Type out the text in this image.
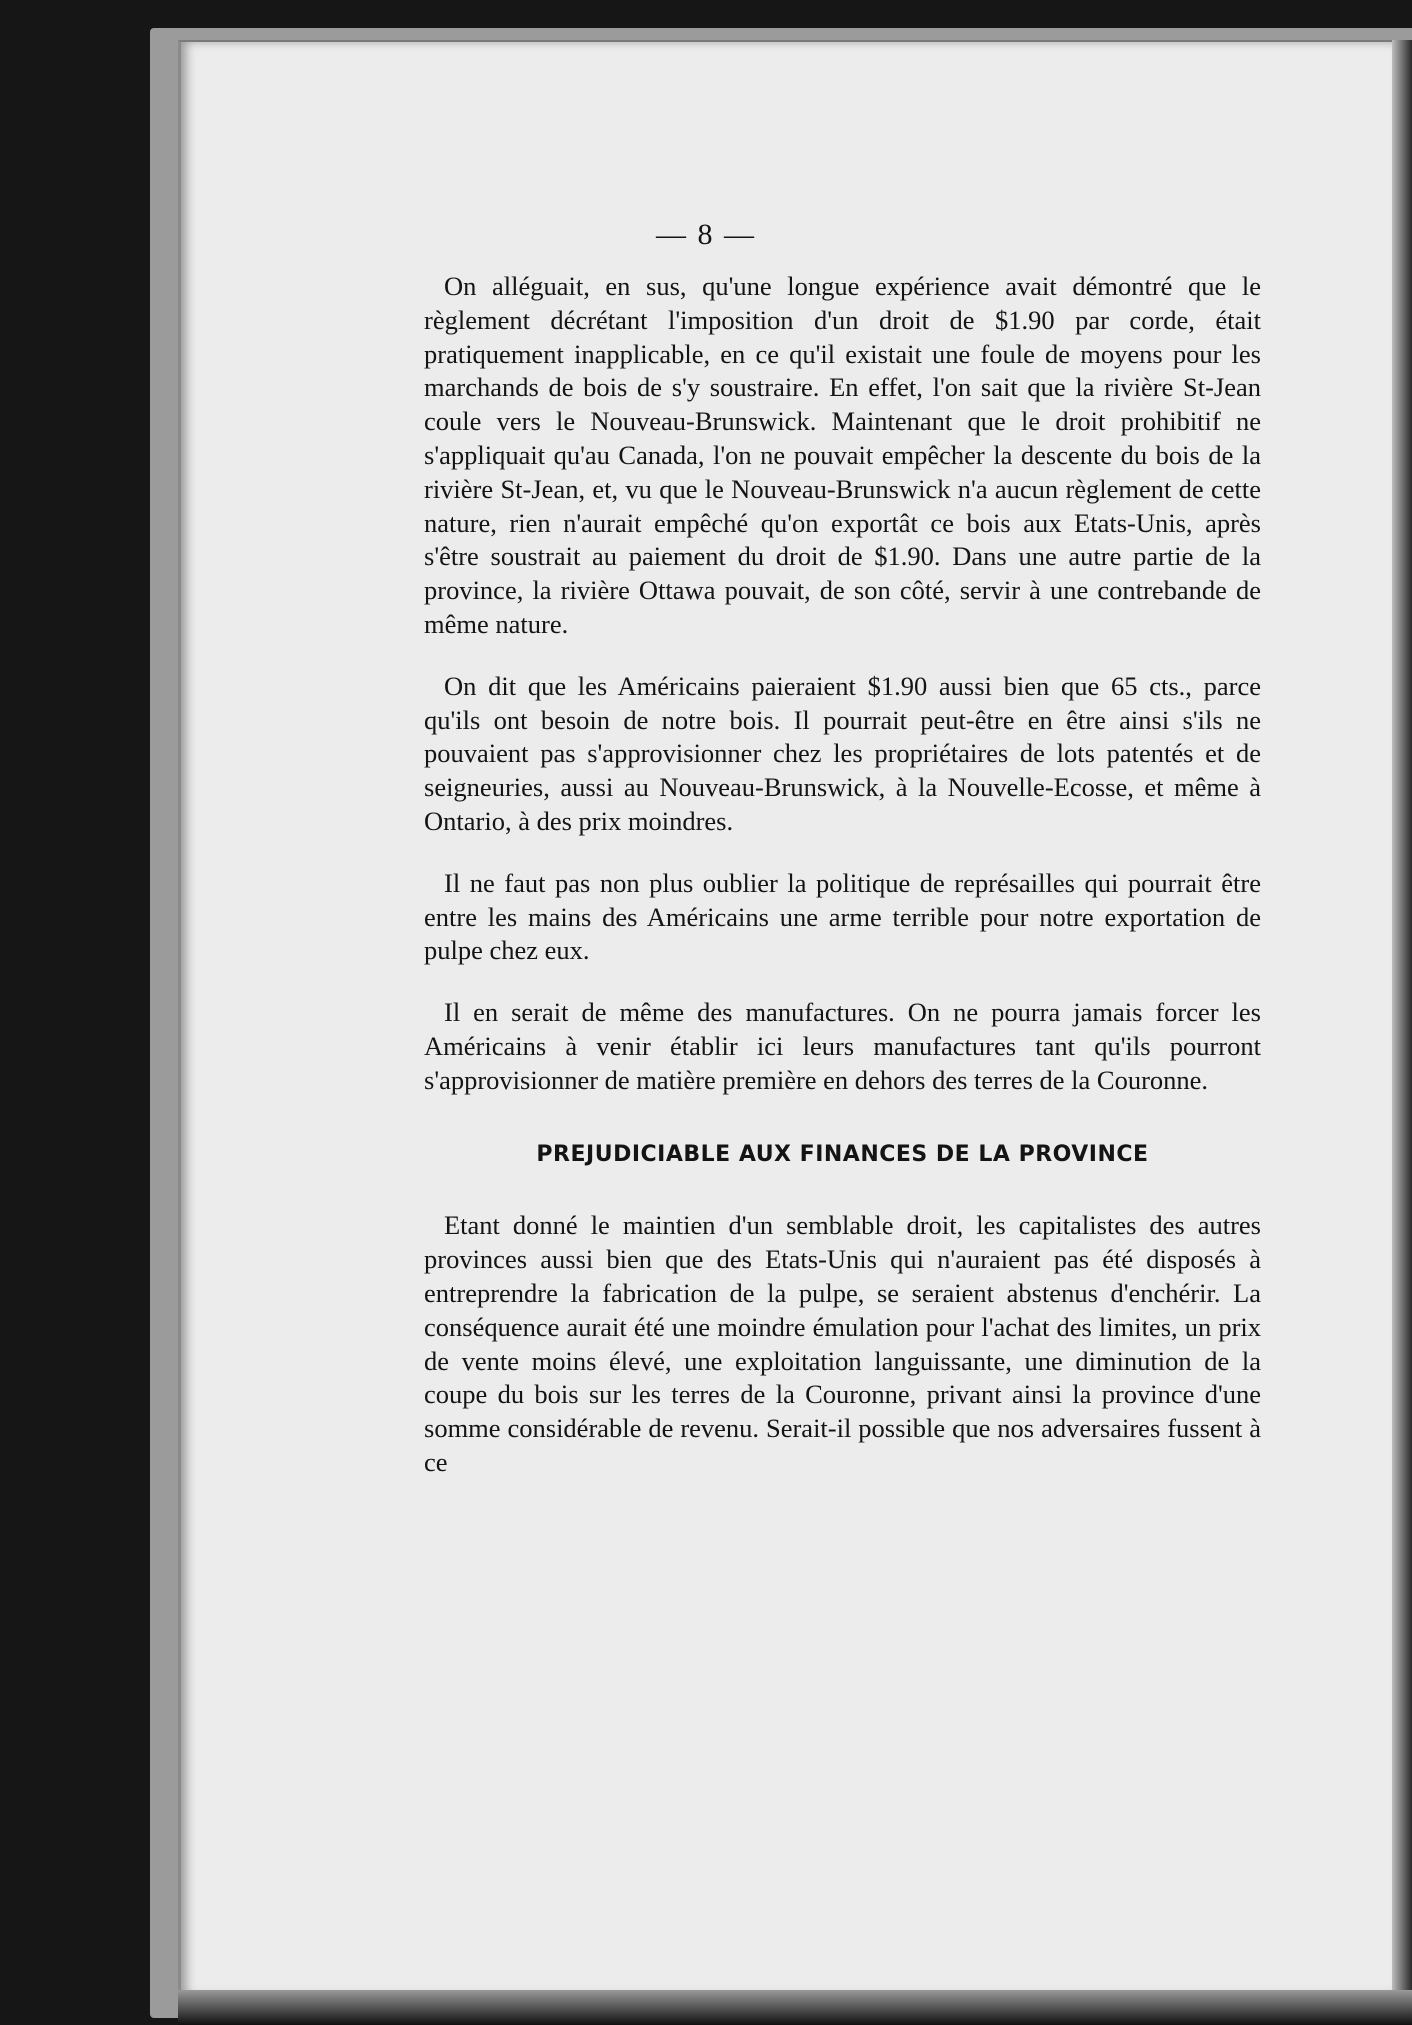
— 8 —

On alléguait, en sus, qu'une longue expérience avait démontré que le règlement décrétant l'imposition d'un droit de $1.90 par corde, était pratiquement inapplicable, en ce qu'il existait une foule de moyens pour les marchands de bois de s'y soustraire. En effet, l'on sait que la rivière St-Jean coule vers le Nouveau-Brunswick. Maintenant que le droit prohibitif ne s'appliquait qu'au Canada, l'on ne pouvait empêcher la descente du bois de la rivière St-Jean, et, vu que le Nouveau-Brunswick n'a aucun règlement de cette nature, rien n'aurait empêché qu'on exportât ce bois aux Etats-Unis, après s'être soustrait au paiement du droit de $1.90. Dans une autre partie de la province, la rivière Ottawa pouvait, de son côté, servir à une contrebande de même nature.

On dit que les Américains paieraient $1.90 aussi bien que 65 cts., parce qu'ils ont besoin de notre bois. Il pourrait peut-être en être ainsi s'ils ne pouvaient pas s'approvisionner chez les propriétaires de lots patentés et de seigneuries, aussi au Nouveau-Brunswick, à la Nouvelle-Ecosse, et même à Ontario, à des prix moindres.

Il ne faut pas non plus oublier la politique de représailles qui pourrait être entre les mains des Américains une arme terrible pour notre exportation de pulpe chez eux.

Il en serait de même des manufactures. On ne pourra jamais forcer les Américains à venir établir ici leurs manufactures tant qu'ils pourront s'approvisionner de matière première en dehors des terres de la Couronne.

PREJUDICIABLE AUX FINANCES DE LA PROVINCE

Etant donné le maintien d'un semblable droit, les capitalistes des autres provinces aussi bien que des Etats-Unis qui n'auraient pas été disposés à entreprendre la fabrication de la pulpe, se seraient abstenus d'enchérir. La conséquence aurait été une moindre émulation pour l'achat des limites, un prix de vente moins élevé, une exploitation languissante, une diminution de la coupe du bois sur les terres de la Couronne, privant ainsi la province d'une somme considérable de revenu. Serait-il possible que nos adversaires fussent à ce
